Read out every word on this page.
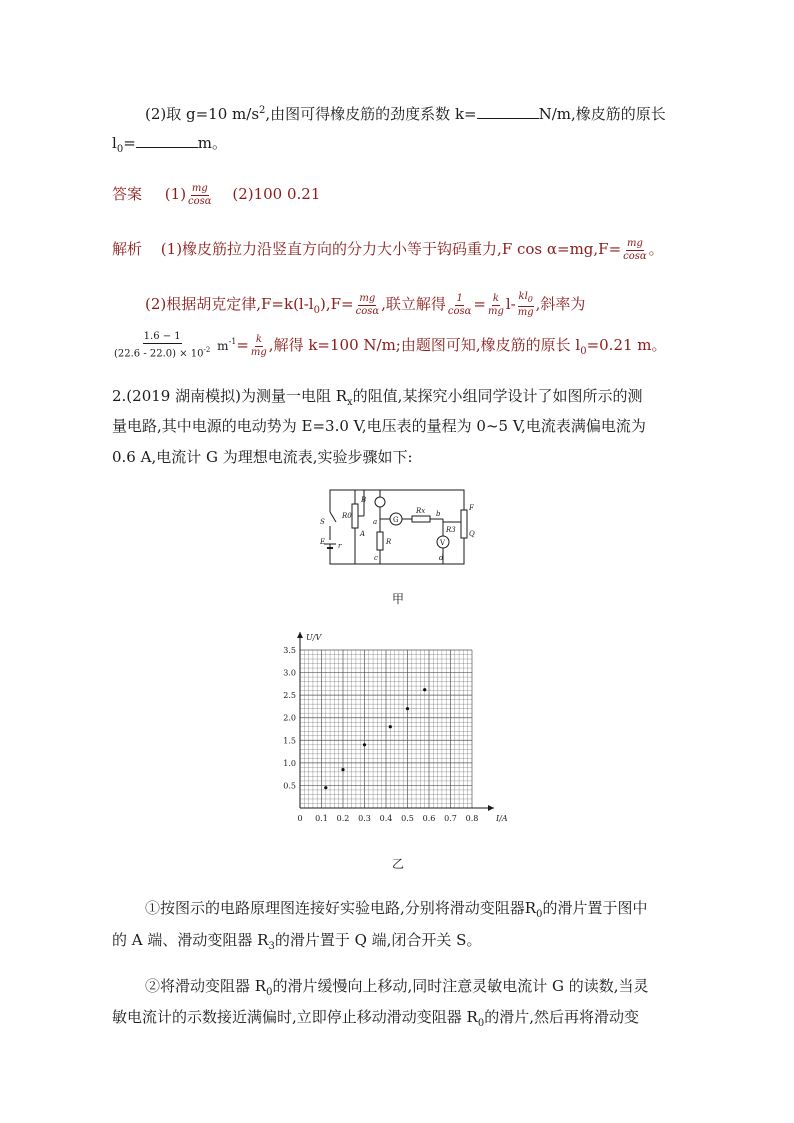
(2)取 g=10 $m/s^2$,由图可得橡皮筋的劲度系数 k=	N/m,橡皮筋的原长
$l_0=$	m。
答案 $(1) \frac{mg}{\cos\alpha} (2)100$ 0.21
解析 (1)橡皮筋拉力沿竖直方向的分力大小等于钩码重力,F $\cos \alpha=mg,F= \frac{mg}{\cos\alpha}$ 。
(2)根据胡克定律$,F=k(l-l_0),F= \frac{mg}{\cos\alpha}$ ,联立解得 $\frac{1}{\cos\alpha} = \frac{k}{mg} l- \frac{kl_0}{mg}$ ,斜率为
$\frac{1.6 - 1}{(22.6 - 22.0) \times 10^{-2}} m^{-1}= \frac{k}{mg}$ ,解得 k=100 N/m;由题图可知,橡皮筋的原长 $l_0=0.21$ m。
2.(2019 湖南模拟)为测量一电阻 $R_x$的阻值,某探究小组同学设计了如图所示的测
量电路,其中电源的电动势为 E=3.0 V,电压表的量程为 0~5 V,电流表满偏电流为
0.6 A,电流计 G 为理想电流表,实验步骤如下:
B
R0
A
a G
Rx b
R3
F
Q
V
d
R
c
S
E r
甲
0 0.1 0.2 0.3 0.4 0.5 0.6 0.7 0.8
0.5
1.0
1.5
2.0
2.5
3.0
3.5
I/A
U/V
乙
①按图示的电路原理图连接好实验电路,分别将滑动变阻器$R_0$的滑片置于图中
的 A 端、滑动变阻器 $R_3$的滑片置于 Q 端,闭合开关 S。
②将滑动变阻器 $R_0$的滑片缓慢向上移动,同时注意灵敏电流计 G 的读数,当灵
敏电流计的示数接近满偏时,立即停止移动滑动变阻器 $R_0$的滑片,然后再将滑动变
